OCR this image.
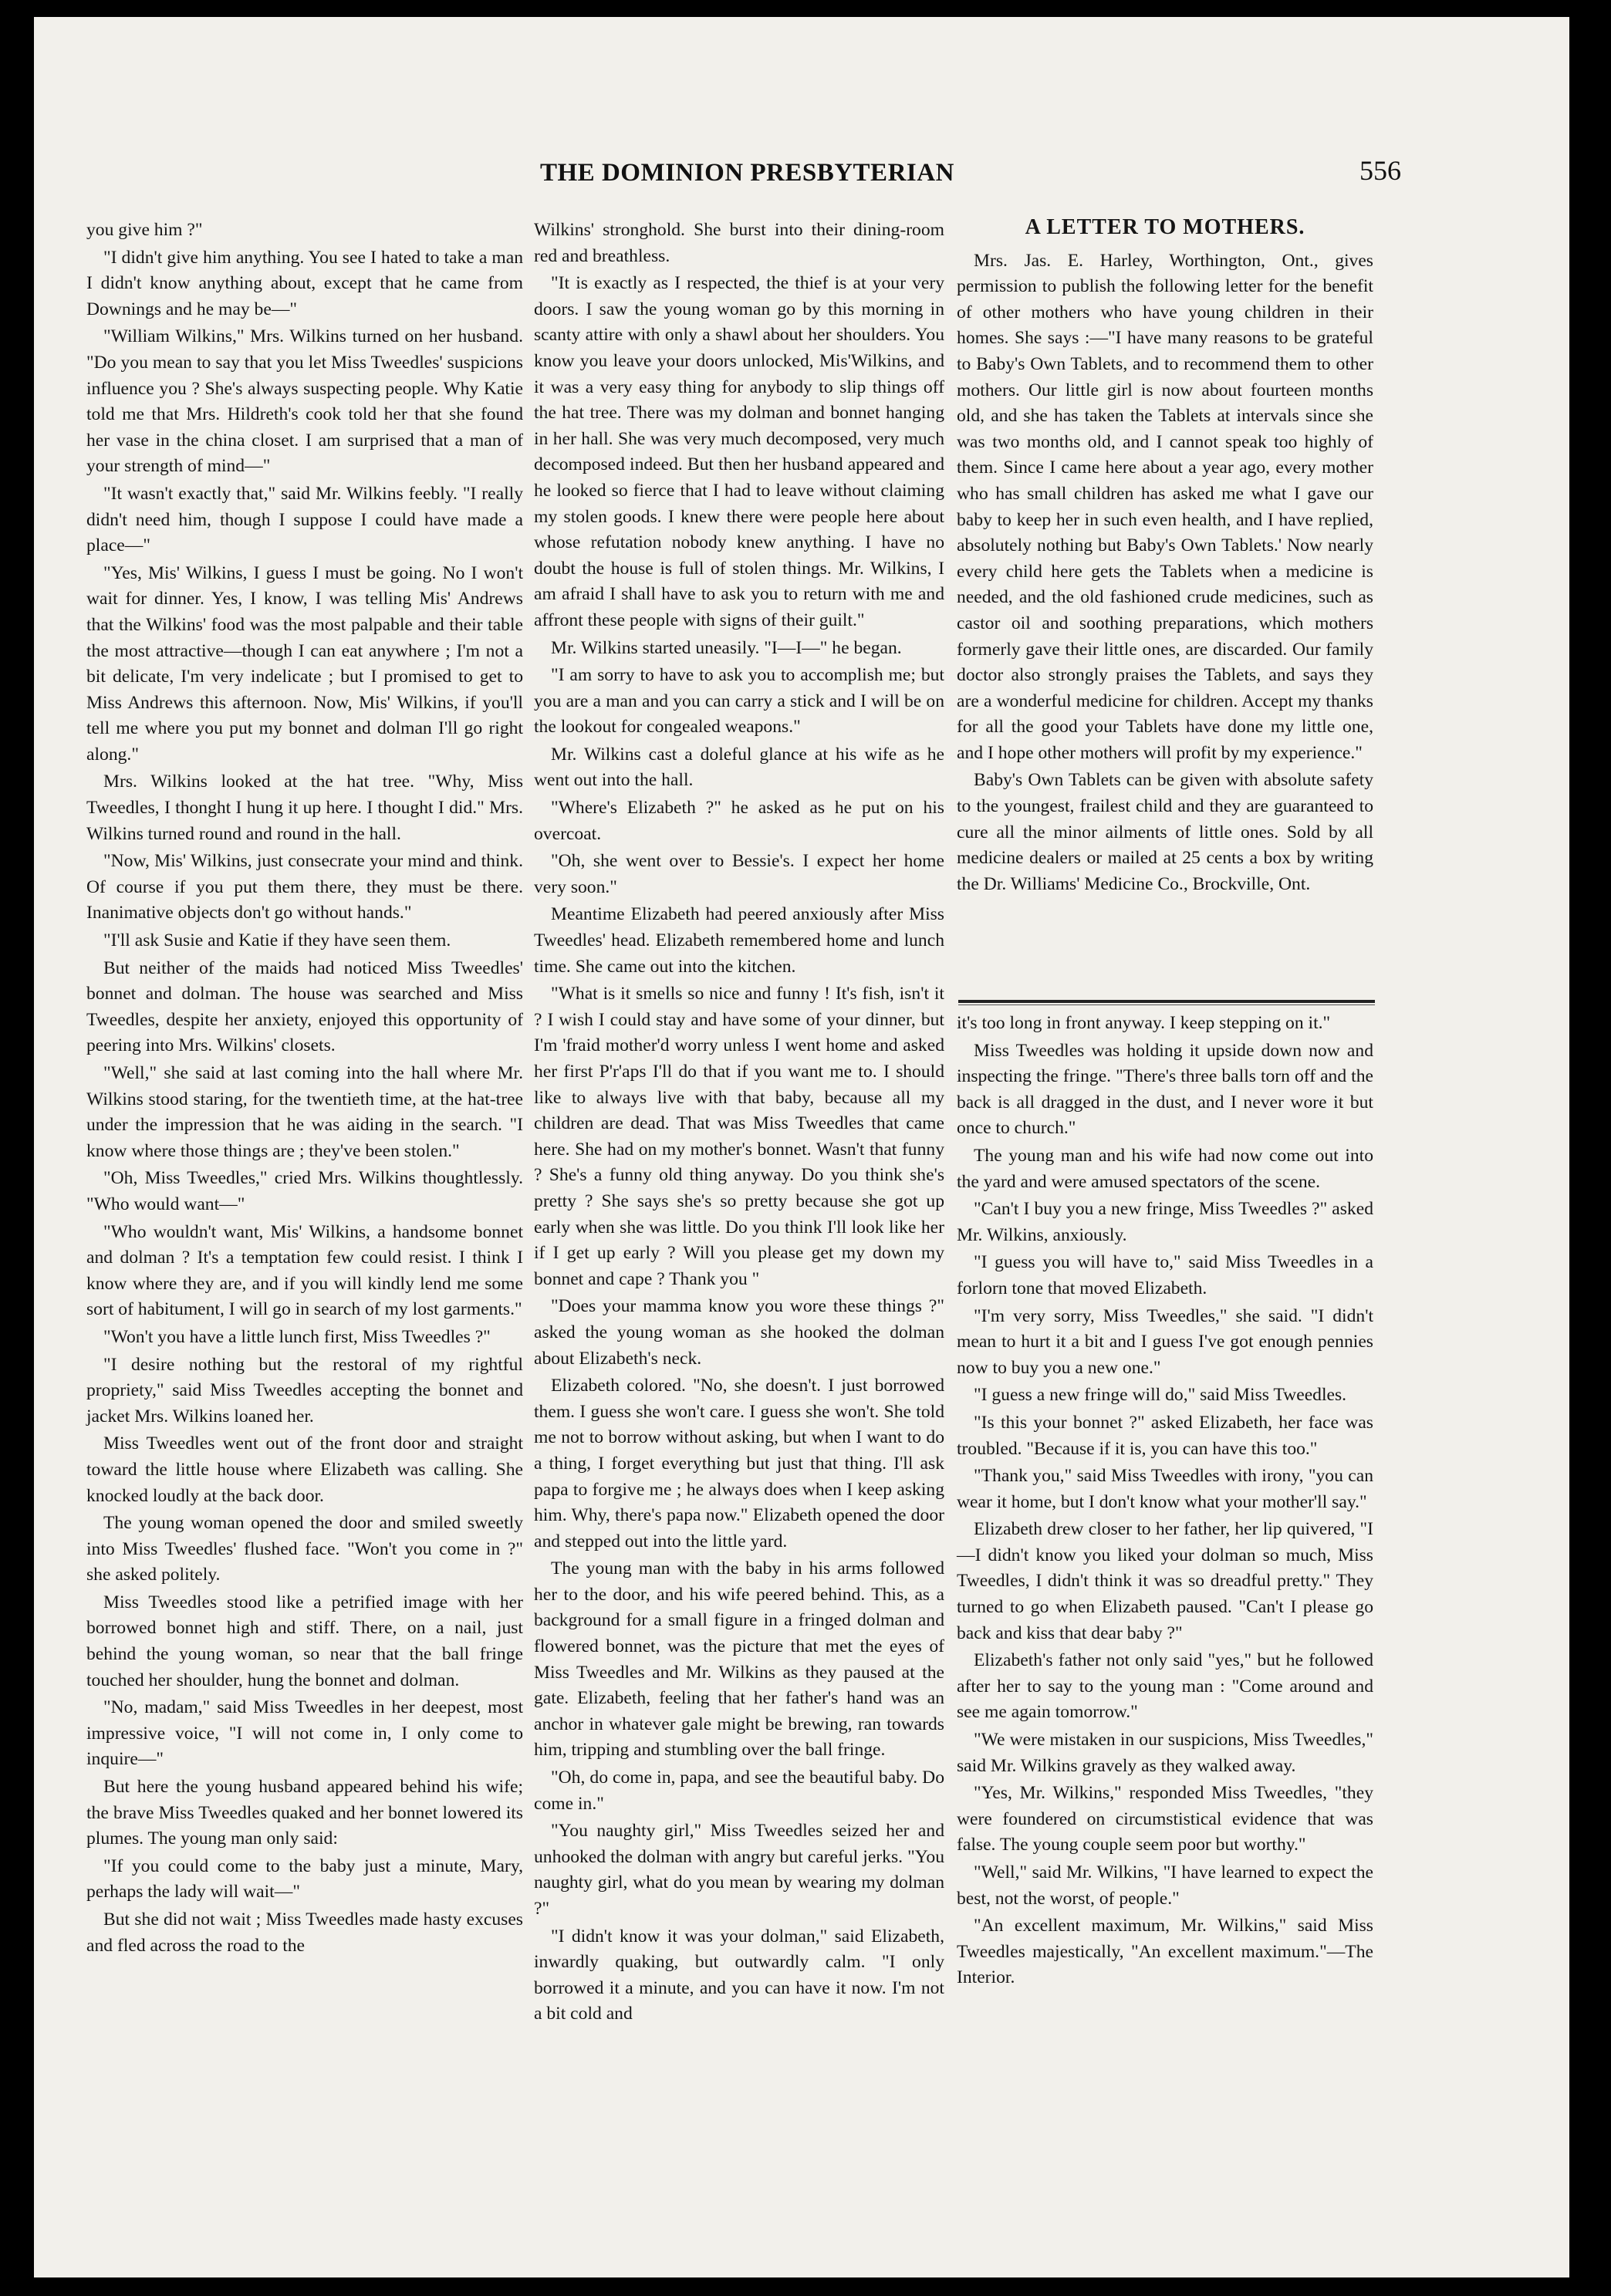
THE DOMINION PRESBYTERIAN	556

you give him ?"

"I didn't give him anything. You see I hated to take a man I didn't know anything about, except that he came from Downings and he may be—"

"William Wilkins," Mrs. Wilkins turned on her husband. "Do you mean to say that you let Miss Tweedles' suspicions influence you ? She's always suspecting people. Why Katie told me that Mrs. Hildreth's cook told her that she found her vase in the china closet. I am surprised that a man of your strength of mind—"

"It wasn't exactly that," said Mr. Wilkins feebly. "I really didn't need him, though I suppose I could have made a place—"

"Yes, Mis' Wilkins, I guess I must be going. No I won't wait for dinner. Yes, I know, I was telling Mis' Andrews that the Wilkins' food was the most palpable and their table the most attractive—though I can eat anywhere ; I'm not a bit delicate, I'm very indelicate ; but I promised to get to Miss Andrews this afternoon. Now, Mis' Wilkins, if you'll tell me where you put my bonnet and dolman I'll go right along."

Mrs. Wilkins looked at the hat tree. "Why, Miss Tweedles, I thonght I hung it up here. I thought I did." Mrs. Wilkins turned round and round in the hall.

"Now, Mis' Wilkins, just consecrate your mind and think. Of course if you put them there, they must be there. Inanimative objects don't go without hands."

"I'll ask Susie and Katie if they have seen them.

But neither of the maids had noticed Miss Tweedles' bonnet and dolman. The house was searched and Miss Tweedles, despite her anxiety, enjoyed this opportunity of peering into Mrs. Wilkins' closets.

"Well," she said at last coming into the hall where Mr. Wilkins stood staring, for the twentieth time, at the hat-tree under the impression that he was aiding in the search. "I know where those things are ; they've been stolen."

"Oh, Miss Tweedles," cried Mrs. Wilkins thoughtlessly. "Who would want—"

"Who wouldn't want, Mis' Wilkins, a handsome bonnet and dolman ? It's a temptation few could resist. I think I know where they are, and if you will kindly lend me some sort of habitument, I will go in search of my lost garments."

"Won't you have a little lunch first, Miss Tweedles ?"

"I desire nothing but the restoral of my rightful propriety," said Miss Tweedles accepting the bonnet and jacket Mrs. Wilkins loaned her.

Miss Tweedles went out of the front door and straight toward the little house where Elizabeth was calling. She knocked loudly at the back door.

The young woman opened the door and smiled sweetly into Miss Tweedles' flushed face. "Won't you come in ?" she asked politely.

Miss Tweedles stood like a petrified image with her borrowed bonnet high and stiff. There, on a nail, just behind the young woman, so near that the ball fringe touched her shoulder, hung the bonnet and dolman.

"No, madam," said Miss Tweedles in her deepest, most impressive voice, "I will not come in, I only come to inquire—"

But here the young husband appeared behind his wife; the brave Miss Tweedles quaked and her bonnet lowered its plumes. The young man only said:

"If you could come to the baby just a minute, Mary, perhaps the lady will wait—"

But she did not wait ; Miss Tweedles made hasty excuses and fled across the road to the

Wilkins' stronghold. She burst into their dining-room red and breathless.

"It is exactly as I respected, the thief is at your very doors. I saw the young woman go by this morning in scanty attire with only a shawl about her shoulders. You know you leave your doors unlocked, Mis'Wilkins, and it was a very easy thing for anybody to slip things off the hat tree. There was my dolman and bonnet hanging in her hall. She was very much decomposed, very much decomposed indeed. But then her husband appeared and he looked so fierce that I had to leave without claiming my stolen goods. I knew there were people here about whose refutation nobody knew anything. I have no doubt the house is full of stolen things. Mr. Wilkins, I am afraid I shall have to ask you to return with me and affront these people with signs of their guilt."

Mr. Wilkins started uneasily. "I—I—" he began.

"I am sorry to have to ask you to accomplish me; but you are a man and you can carry a stick and I will be on the lookout for congealed weapons."

Mr. Wilkins cast a doleful glance at his wife as he went out into the hall.

"Where's Elizabeth ?" he asked as he put on his overcoat.

"Oh, she went over to Bessie's. I expect her home very soon."

Meantime Elizabeth had peered anxiously after Miss Tweedles' head. Elizabeth remembered home and lunch time. She came out into the kitchen.

"What is it smells so nice and funny ! It's fish, isn't it ? I wish I could stay and have some of your dinner, but I'm 'fraid mother'd worry unless I went home and asked her first P'r'aps I'll do that if you want me to. I should like to always live with that baby, because all my children are dead. That was Miss Tweedles that came here. She had on my mother's bonnet. Wasn't that funny ? She's a funny old thing anyway. Do you think she's pretty ? She says she's so pretty because she got up early when she was little. Do you think I'll look like her if I get up early ? Will you please get my down my bonnet and cape ? Thank you "

"Does your mamma know you wore these things ?" asked the young woman as she hooked the dolman about Elizabeth's neck.

Elizabeth colored. "No, she doesn't. I just borrowed them. I guess she won't care. I guess she won't. She told me not to borrow without asking, but when I want to do a thing, I forget everything but just that thing. I'll ask papa to forgive me ; he always does when I keep asking him. Why, there's papa now." Elizabeth opened the door and stepped out into the little yard.

The young man with the baby in his arms followed her to the door, and his wife peered behind. This, as a background for a small figure in a fringed dolman and flowered bonnet, was the picture that met the eyes of Miss Tweedles and Mr. Wilkins as they paused at the gate. Elizabeth, feeling that her father's hand was an anchor in whatever gale might be brewing, ran towards him, tripping and stumbling over the ball fringe.

"Oh, do come in, papa, and see the beautiful baby. Do come in."

"You naughty girl," Miss Tweedles seized her and unhooked the dolman with angry but careful jerks. "You naughty girl, what do you mean by wearing my dolman ?"

"I didn't know it was your dolman," said Elizabeth, inwardly quaking, but outwardly calm. "I only borrowed it a minute, and you can have it now. I'm not a bit cold and

A LETTER TO MOTHERS.

Mrs. Jas. E. Harley, Worthington, Ont., gives permission to publish the following letter for the benefit of other mothers who have young children in their homes. She says :—"I have many reasons to be grateful to Baby's Own Tablets, and to recommend them to other mothers. Our little girl is now about fourteen months old, and she has taken the Tablets at intervals since she was two months old, and I cannot speak too highly of them. Since I came here about a year ago, every mother who has small children has asked me what I gave our baby to keep her in such even health, and I have replied, absolutely nothing but Baby's Own Tablets.' Now nearly every child here gets the Tablets when a medicine is needed, and the old fashioned crude medicines, such as castor oil and soothing preparations, which mothers formerly gave their little ones, are discarded. Our family doctor also strongly praises the Tablets, and says they are a wonderful medicine for children. Accept my thanks for all the good your Tablets have done my little one, and I hope other mothers will profit by my experience."

Baby's Own Tablets can be given with absolute safety to the youngest, frailest child and they are guaranteed to cure all the minor ailments of little ones. Sold by all medicine dealers or mailed at 25 cents a box by writing the Dr. Williams' Medicine Co., Brockville, Ont.

it's too long in front anyway. I keep stepping on it."

Miss Tweedles was holding it upside down now and inspecting the fringe. "There's three balls torn off and the back is all dragged in the dust, and I never wore it but once to church."

The young man and his wife had now come out into the yard and were amused spectators of the scene.

"Can't I buy you a new fringe, Miss Tweedles ?" asked Mr. Wilkins, anxiously.

"I guess you will have to," said Miss Tweedles in a forlorn tone that moved Elizabeth.

"I'm very sorry, Miss Tweedles," she said. "I didn't mean to hurt it a bit and I guess I've got enough pennies now to buy you a new one."

"I guess a new fringe will do," said Miss Tweedles.

"Is this your bonnet ?" asked Elizabeth, her face was troubled. "Because if it is, you can have this too."

"Thank you," said Miss Tweedles with irony, "you can wear it home, but I don't know what your mother'll say."

Elizabeth drew closer to her father, her lip quivered, "I—I didn't know you liked your dolman so much, Miss Tweedles, I didn't think it was so dreadful pretty." They turned to go when Elizabeth paused. "Can't I please go back and kiss that dear baby ?"

Elizabeth's father not only said "yes," but he followed after her to say to the young man : "Come around and see me again tomorrow."

"We were mistaken in our suspicions, Miss Tweedles," said Mr. Wilkins gravely as they walked away.

"Yes, Mr. Wilkins," responded Miss Tweedles, "they were foundered on circumstistical evidence that was false. The young couple seem poor but worthy."

"Well," said Mr. Wilkins, "I have learned to expect the best, not the worst, of people."

"An excellent maximum, Mr. Wilkins," said Miss Tweedles majestically, "An excellent maximum."—The Interior.
